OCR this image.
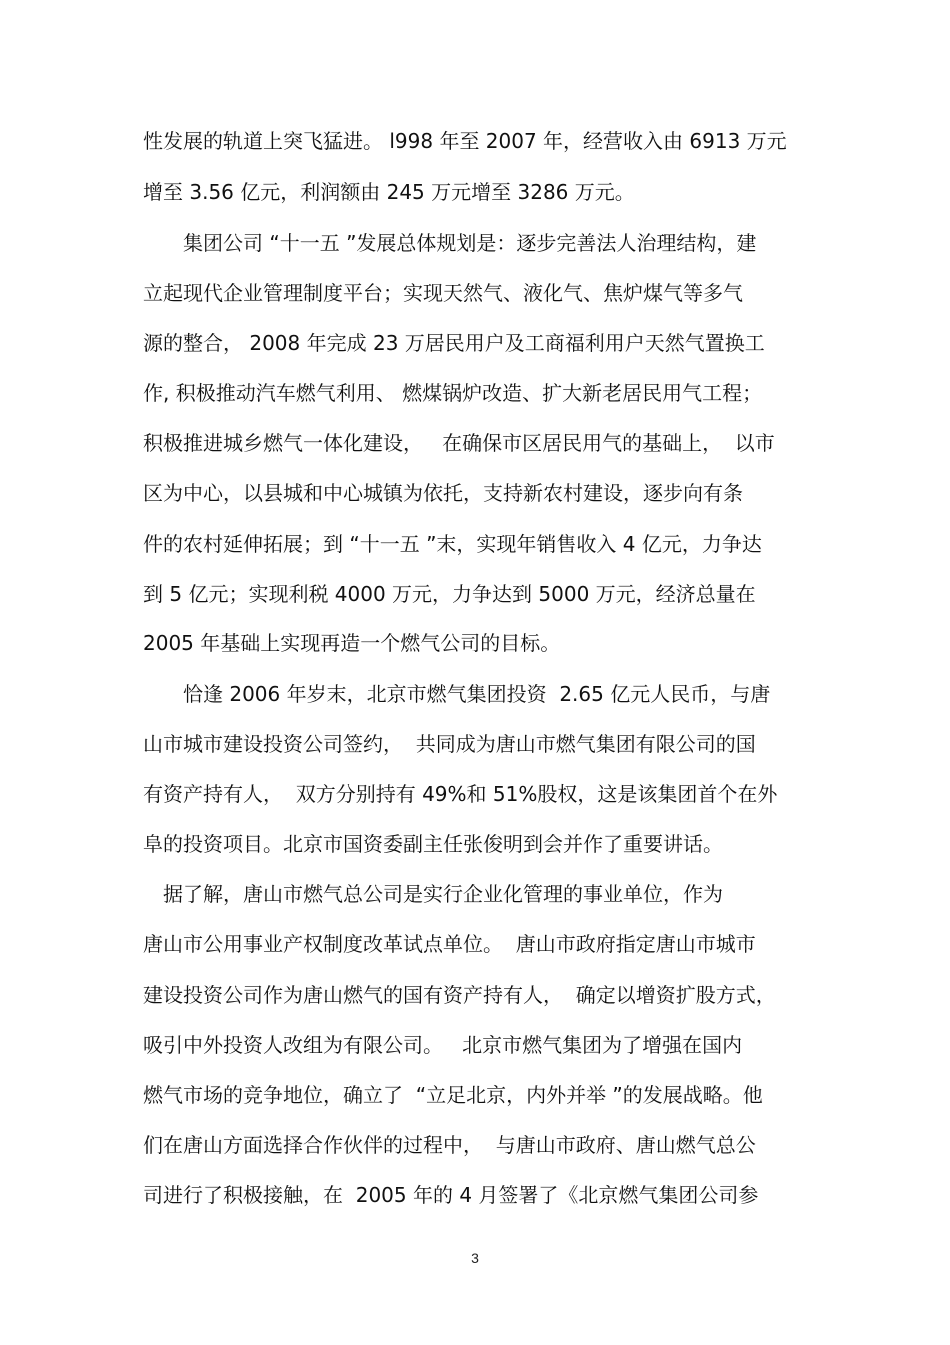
性发展的轨道上突飞猛进。 l998 年至 2007 年，经营收入由 6913 万元
增至 3.56 亿元，利润额由 245 万元增至 3286 万元。
　　集团公司 “十一五 ”发展总体规划是：逐步完善法人治理结构，建
立起现代企业管理制度平台；实现天然气、液化气、焦炉煤气等多气
源的整合， 2008 年完成 23 万居民用户及工商福利用户天然气置换工
作, 积极推动汽车燃气利用、 燃煤锅炉改造、扩大新老居民用气工程；
积极推进城乡燃气一体化建设，   在确保市区居民用气的基础上，  以市
区为中心，以县城和中心城镇为依托，支持新农村建设，逐步向有条
件的农村延伸拓展；到 “十一五 ”末，实现年销售收入 4 亿元，力争达
到 5 亿元；实现利税 4000 万元，力争达到 5000 万元，经济总量在
2005 年基础上实现再造一个燃气公司的目标。
　　恰逢 2006 年岁末，北京市燃气集团投资  2.65 亿元人民币，与唐
山市城市建设投资公司签约，  共同成为唐山市燃气集团有限公司的国
有资产持有人，  双方分别持有 49%和 51%股权，这是该集团首个在外
阜的投资项目。北京市国资委副主任张俊明到会并作了重要讲话。
　据了解，唐山市燃气总公司是实行企业化管理的事业单位，作为
唐山市公用事业产权制度改革试点单位。  唐山市政府指定唐山市城市
建设投资公司作为唐山燃气的国有资产持有人，  确定以增资扩股方式，
吸引中外投资人改组为有限公司。   北京市燃气集团为了增强在国内
燃气市场的竞争地位，确立了  “立足北京，内外并举 ”的发展战略。他
们在唐山方面选择合作伙伴的过程中，  与唐山市政府、唐山燃气总公
司进行了积极接触，在  2005 年的 4 月签署了《北京燃气集团公司参
3
